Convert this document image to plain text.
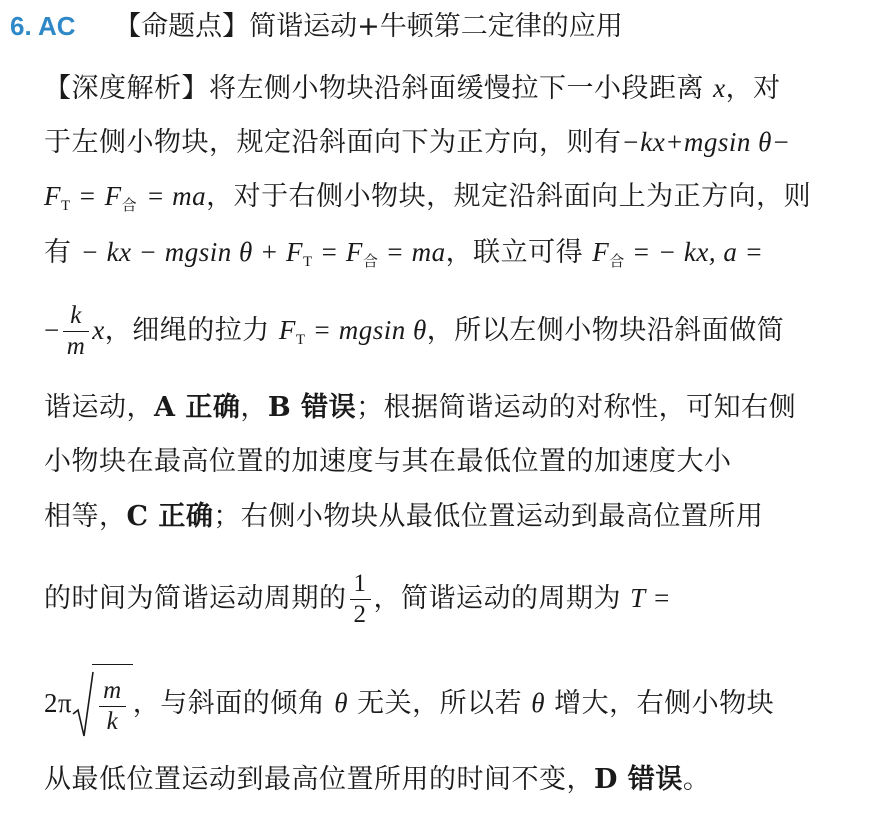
6. AC 【命题点】简谐运动+牛顿第二定律的应用
【深度解析】将左侧小物块沿斜面缓慢拉下一小段距离 x，对
于左侧小物块，规定沿斜面向下为正方向，则有−kx+mgsin θ−
$F_T = F_合$ = ma，对于右侧小物块，规定沿斜面向上为正方向，则
有 − kx − mgsin $\theta + F_T = F_合$ = ma，联立可得 $F_合$ = − kx, a =
− $\frac{k}{m}$ x，细绳的拉力 $F_T = mgsin$ θ，所以左侧小物块沿斜面做简
谐运动，A 正确，B 错误；根据简谐运动的对称性，可知右侧
小物块在最高位置的加速度与其在最低位置的加速度大小
相等，C 正确；右侧小物块从最低位置运动到最高位置所用
的时间为简谐运动周期的 $\frac{1}{2}$ ，简谐运动的周期为 T =
$2\pi \frac{m}{k}$ ，与斜面的倾角 θ 无关，所以若 θ 增大，右侧小物块
从最低位置运动到最高位置所用的时间不变，D 错误。
